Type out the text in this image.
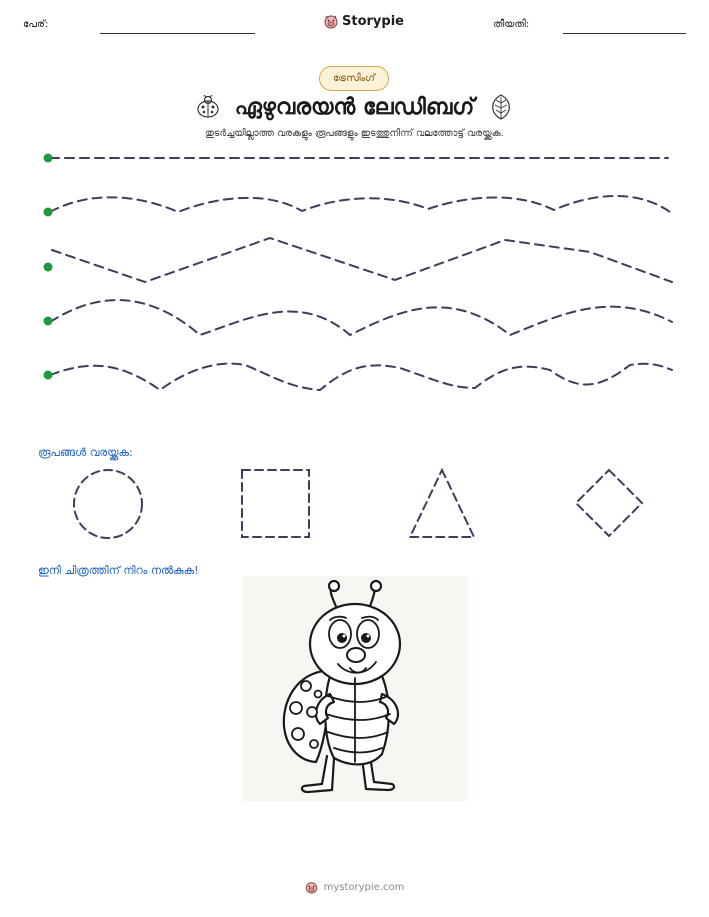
പേര്:	Storypie	തീയതി:
ട്രേസിംഗ്
ഏഴുവരയൻ ലേഡിബഗ്
തുടർച്ചയില്ലാത്ത വരകളും രൂപങ്ങളും ഇടത്തുനിന്ന് വലത്തോട്ട് വരയ്ക്കുക.
രൂപങ്ങൾ വരയ്ക്കുക:
ഇനി ചിത്രത്തിന് നിറം നൽകുക!
mystorypie.com
